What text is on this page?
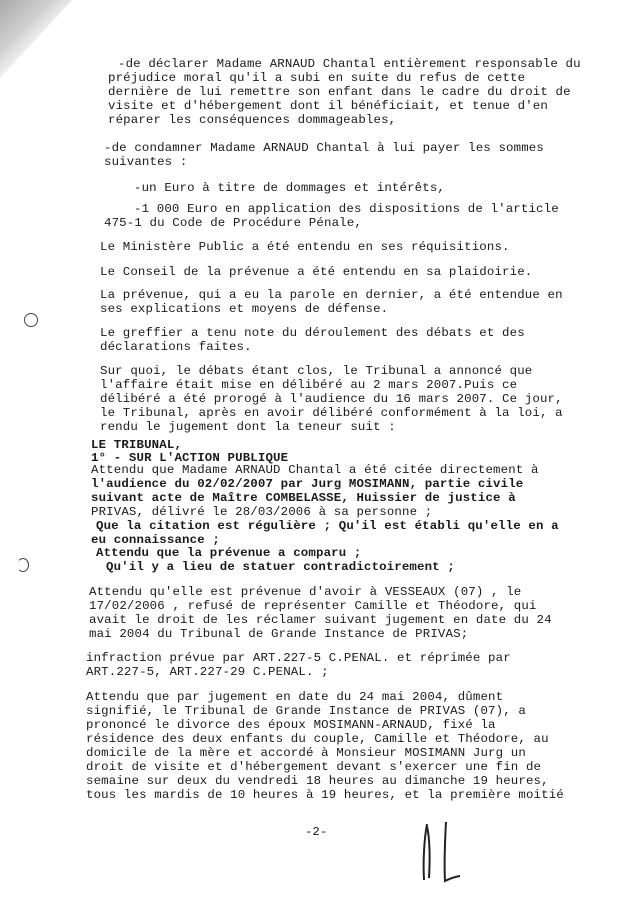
-de déclarer Madame ARNAUD Chantal entièrement responsable du
préjudice moral qu'il a subi en suite du refus de cette
dernière de lui remettre son enfant dans le cadre du droit de
visite et d'hébergement dont il bénéficiait, et tenue d'en
réparer les conséquences dommageables,
-de condamner Madame ARNAUD Chantal à lui payer les sommes
suivantes :
-un Euro à titre de dommages et intérêts,
-1 000 Euro en application des dispositions de l'article
475-1 du Code de Procédure Pénale,
Le Ministère Public a été entendu en ses réquisitions.
Le Conseil de la prévenue a été entendu en sa plaidoirie.
La prévenue, qui a eu la parole en dernier, a été entendue en
ses explications et moyens de défense.
Le greffier a tenu note du déroulement des débats et des
déclarations faites.
Sur quoi, le débats étant clos, le Tribunal a annoncé que
l'affaire était mise en délibéré au 2 mars 2007.Puis ce
délibéré a été prorogé à l'audience du 16 mars 2007. Ce jour,
le Tribunal, après en avoir délibéré conformément à la loi, a
rendu le jugement dont la teneur suit :
LE TRIBUNAL,
1° - SUR L'ACTION PUBLIQUE
Attendu que Madame ARNAUD Chantal a été citée directement à
l'audience du 02/02/2007 par Jurg MOSIMANN, partie civile
suivant acte de Maître COMBELASSE, Huissier de justice à
PRIVAS, délivré le 28/03/2006 à sa personne ;
Que la citation est régulière ; Qu'il est établi qu'elle en a
eu connaissance ;
Attendu que la prévenue a comparu ;
Qu'il y a lieu de statuer contradictoirement ;
Attendu qu'elle est prévenue d'avoir à VESSEAUX (07) , le
17/02/2006 , refusé de représenter Camille et Théodore, qui
avait le droit de les réclamer suivant jugement en date du 24
mai 2004 du Tribunal de Grande Instance de PRIVAS;
infraction prévue par ART.227-5 C.PENAL. et réprimée par
ART.227-5, ART.227-29 C.PENAL. ;
Attendu que par jugement en date du 24 mai 2004, dûment
signifié, le Tribunal de Grande Instance de PRIVAS (07), a
prononcé le divorce des époux MOSIMANN-ARNAUD, fixé la
résidence des deux enfants du couple, Camille et Théodore, au
domicile de la mère et accordé à Monsieur MOSIMANN Jurg un
droit de visite et d'hébergement devant s'exercer une fin de
semaine sur deux du vendredi 18 heures au dimanche 19 heures,
tous les mardis de 10 heures à 19 heures, et la première moitié
-2-
